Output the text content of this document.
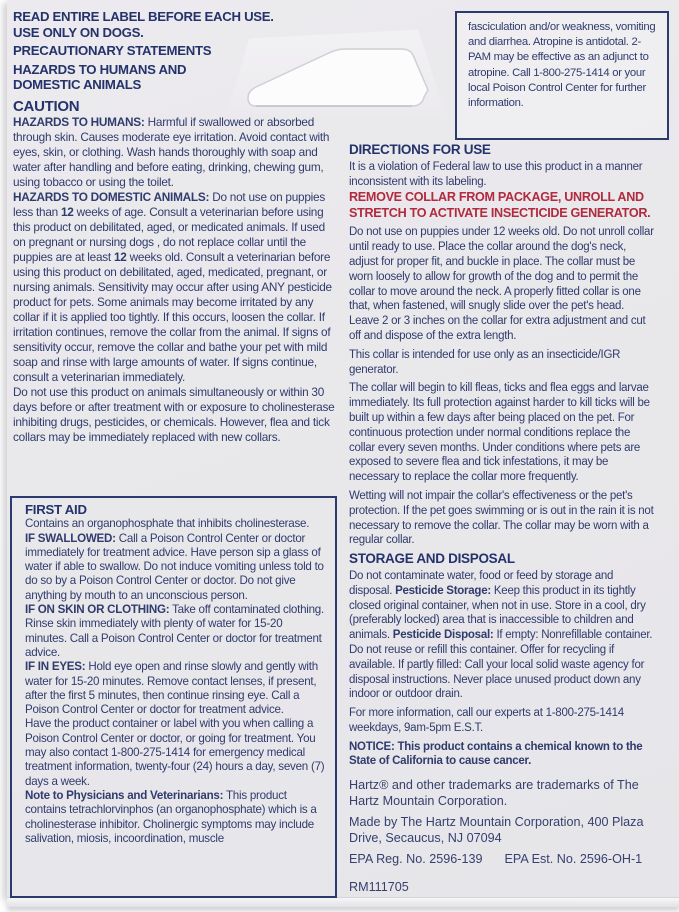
READ ENTIRE LABEL BEFORE EACH USE.

USE ONLY ON DOGS.

PRECAUTIONARY STATEMENTS

HAZARDS TO HUMANS AND

DOMESTIC ANIMALS

CAUTION

HAZARDS TO HUMANS: Harmful if swallowed or absorbed through skin. Causes moderate eye irritation. Avoid contact with eyes, skin, or clothing. Wash hands thoroughly with soap and water after handling and before eating, drinking, chewing gum, using tobacco or using the toilet.

HAZARDS TO DOMESTIC ANIMALS: Do not use on puppies less than 12 weeks of age. Consult a veterinarian before using this product on debilitated, aged, or medicated animals. If used on pregnant or nursing dogs , do not replace collar until the puppies are at least 12 weeks old. Consult a veterinarian before using this product on debilitated, aged, medicated, pregnant, or nursing animals. Sensitivity may occur after using ANY pesticide product for pets. Some animals may become irritated by any collar if it is applied too tightly. If this occurs, loosen the collar. If irritation continues, remove the collar from the animal. If signs of sensitivity occur, remove the collar and bathe your pet with mild soap and rinse with large amounts of water. If signs continue, consult a veterinarian immediately.

Do not use this product on animals simultaneously or within 30 days before or after treatment with or exposure to cholinesterase inhibiting drugs, pesticides, or chemicals. However, flea and tick collars may be immediately replaced with new collars.

FIRST AID

Contains an organophosphate that inhibits cholinesterase.

IF SWALLOWED: Call a Poison Control Center or doctor immediately for treatment advice. Have person sip a glass of water if able to swallow. Do not induce vomiting unless told to do so by a Poison Control Center or doctor. Do not give anything by mouth to an unconscious person.

IF ON SKIN OR CLOTHING: Take off contaminated clothing. Rinse skin immediately with plenty of water for 15-20 minutes. Call a Poison Control Center or doctor for treatment advice.

IF IN EYES: Hold eye open and rinse slowly and gently with water for 15-20 minutes. Remove contact lenses, if present, after the first 5 minutes, then continue rinsing eye. Call a Poison Control Center or doctor for treatment advice.

Have the product container or label with you when calling a Poison Control Center or doctor, or going for treatment. You may also contact 1-800-275-1414 for emergency medical treatment information, twenty-four (24) hours a day, seven (7) days a week.

Note to Physicians and Veterinarians: This product contains tetrachlorvinphos (an organophosphate) which is a cholinesterase inhibitor. Cholinergic symptoms may include salivation, miosis, incoordination, muscle

fasciculation and/or weakness, vomiting and diarrhea. Atropine is antidotal. 2-PAM may be effective as an adjunct to atropine. Call 1-800-275-1414 or your local Poison Control Center for further information.

DIRECTIONS FOR USE

It is a violation of Federal law to use this product in a manner inconsistent with its labeling.

REMOVE COLLAR FROM PACKAGE, UNROLL AND STRETCH TO ACTIVATE INSECTICIDE GENERATOR.

Do not use on puppies under 12 weeks old. Do not unroll collar until ready to use. Place the collar around the dog's neck, adjust for proper fit, and buckle in place. The collar must be worn loosely to allow for growth of the dog and to permit the collar to move around the neck. A properly fitted collar is one that, when fastened, will snugly slide over the pet's head. Leave 2 or 3 inches on the collar for extra adjustment and cut off and dispose of the extra length.

This collar is intended for use only as an insecticide/IGR generator.

The collar will begin to kill fleas, ticks and flea eggs and larvae immediately. Its full protection against harder to kill ticks will be built up within a few days after being placed on the pet. For continuous protection under normal conditions replace the collar every seven months. Under conditions where pets are exposed to severe flea and tick infestations, it may be necessary to replace the collar more frequently.

Wetting will not impair the collar's effectiveness or the pet's protection. If the pet goes swimming or is out in the rain it is not necessary to remove the collar. The collar may be worn with a regular collar.

STORAGE AND DISPOSAL

Do not contaminate water, food or feed by storage and disposal. Pesticide Storage: Keep this product in its tightly closed original container, when not in use. Store in a cool, dry (preferably locked) area that is inaccessible to children and animals. Pesticide Disposal: If empty: Nonrefillable container. Do not reuse or refill this container. Offer for recycling if available. If partly filled: Call your local solid waste agency for disposal instructions. Never place unused product down any indoor or outdoor drain.

For more information, call our experts at 1-800-275-1414 weekdays, 9am-5pm E.S.T.

NOTICE: This product contains a chemical known to the State of California to cause cancer.

Hartz® and other trademarks are trademarks of The Hartz Mountain Corporation.

Made by The Hartz Mountain Corporation, 400 Plaza Drive, Secaucus, NJ 07094

EPA Reg. No. 2596-139 EPA Est. No. 2596-OH-1

RM111705
